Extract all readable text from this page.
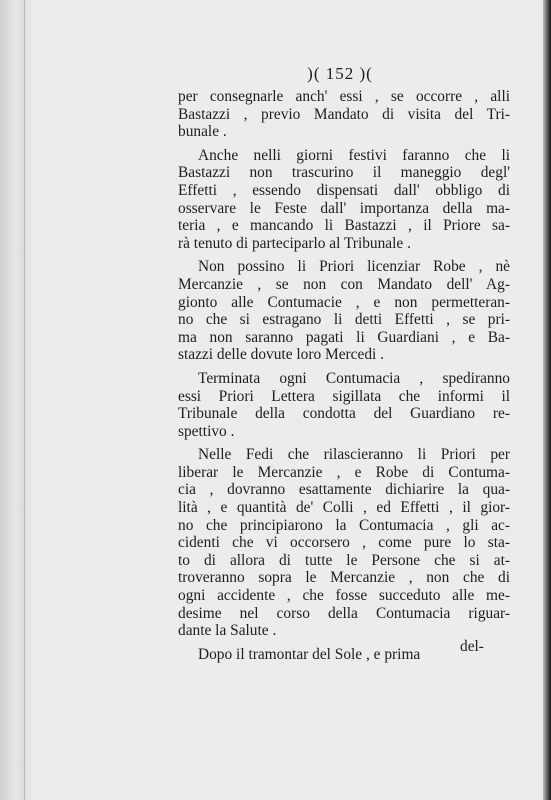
)( 152 )(
per consegnarle anch' essi , se occorre , alli
Bastazzi , previo Mandato di visita del Tri-
bunale .
Anche nelli giorni festivi faranno che li
Bastazzi non trascurino il maneggio degl'
Effetti , essendo dispensati dall' obbligo di
osservare le Feste dall' importanza della ma-
teria , e mancando li Bastazzi , il Priore sa-
rà tenuto di parteciparlo al Tribunale .
Non possino li Priori licenziar Robe , nè
Mercanzie , se non con Mandato dell' Ag-
gionto alle Contumacie , e non permetteran-
no che si estragano li detti Effetti , se pri-
ma non saranno pagati li Guardiani , e Ba-
stazzi delle dovute loro Mercedi .
Terminata ogni Contumacia , spediranno
essi Priori Lettera sigillata che informi il
Tribunale della condotta del Guardiano re-
spettivo .
Nelle Fedi che rilascieranno li Priori per
liberar le Mercanzie , e Robe di Contuma-
cia , dovranno esattamente dichiarire la qua-
lità , e quantità de' Colli , ed Effetti , il gior-
no che principiarono la Contumacia , gli ac-
cidenti che vi occorsero , come pure lo sta-
to di allora di tutte le Persone che si at-
troveranno sopra le Mercanzie , non che di
ogni accidente , che fosse succeduto alle me-
desime nel corso della Contumacia riguar-
dante la Salute .
Dopo il tramontar del Sole , e prima	del-
